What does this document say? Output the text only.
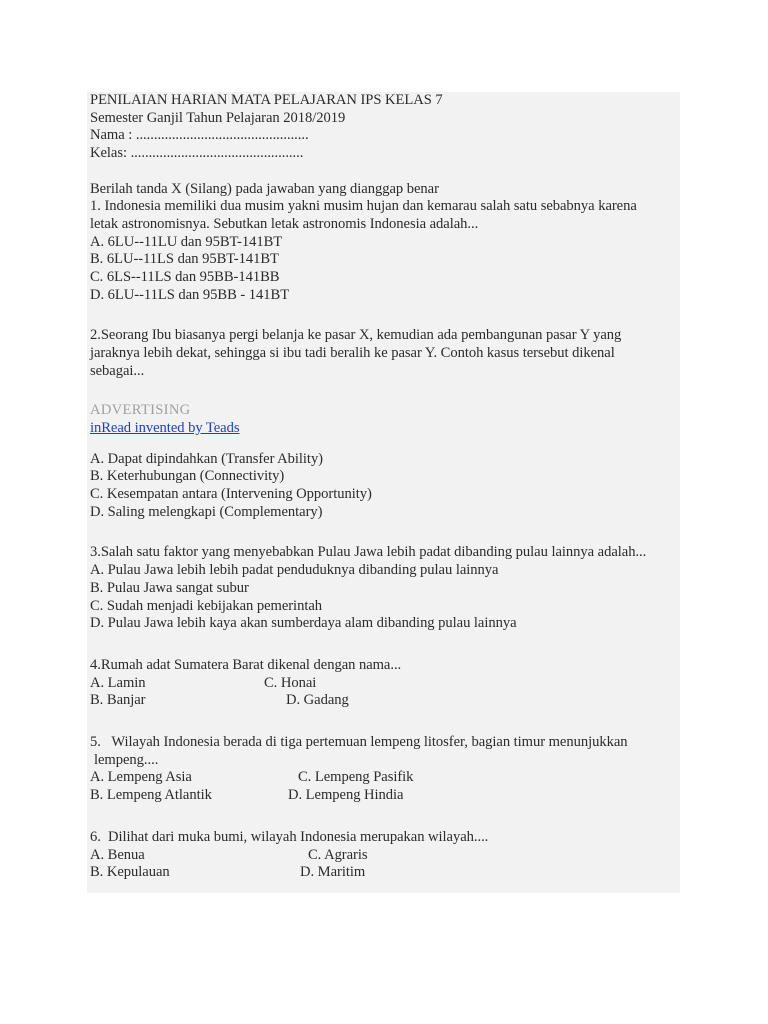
PENILAIAN HARIAN MATA PELAJARAN IPS KELAS 7
Semester Ganjil Tahun Pelajaran 2018/2019
Nama : ................................................
Kelas: ................................................
Berilah tanda X (Silang) pada jawaban yang dianggap benar
1. Indonesia memiliki dua musim yakni musim hujan dan kemarau salah satu sebabnya karena
letak astronomisnya. Sebutkan letak astronomis Indonesia adalah...
A. 6LU--11LU dan 95BT-141BT
B. 6LU--11LS dan 95BT-141BT
C. 6LS--11LS dan 95BB-141BB
D. 6LU--11LS dan 95BB - 141BT
2.Seorang Ibu biasanya pergi belanja ke pasar X, kemudian ada pembangunan pasar Y yang
jaraknya lebih dekat, sehingga si ibu tadi beralih ke pasar Y. Contoh kasus tersebut dikenal
sebagai...
ADVERTISING
inRead invented by Teads
A. Dapat dipindahkan (Transfer Ability)
B. Keterhubungan (Connectivity)
C. Kesempatan antara (Intervening Opportunity)
D. Saling melengkapi (Complementary)
3.Salah satu faktor yang menyebabkan Pulau Jawa lebih padat dibanding pulau lainnya adalah...
A. Pulau Jawa lebih lebih padat penduduknya dibanding pulau lainnya
B. Pulau Jawa sangat subur
C. Sudah menjadi kebijakan pemerintah
D. Pulau Jawa lebih kaya akan sumberdaya alam dibanding pulau lainnya
4.Rumah adat Sumatera Barat dikenal dengan nama...
A. Lamin	C. Honai
B. Banjar	D. Gadang
5.   Wilayah Indonesia berada di tiga pertemuan lempeng litosfer, bagian timur menunjukkan
lempeng....
A. Lempeng Asia	C. Lempeng Pasifik
B. Lempeng Atlantik	D. Lempeng Hindia
6.  Dilihat dari muka bumi, wilayah Indonesia merupakan wilayah....
A. Benua	C. Agraris
B. Kepulauan	D. Maritim
